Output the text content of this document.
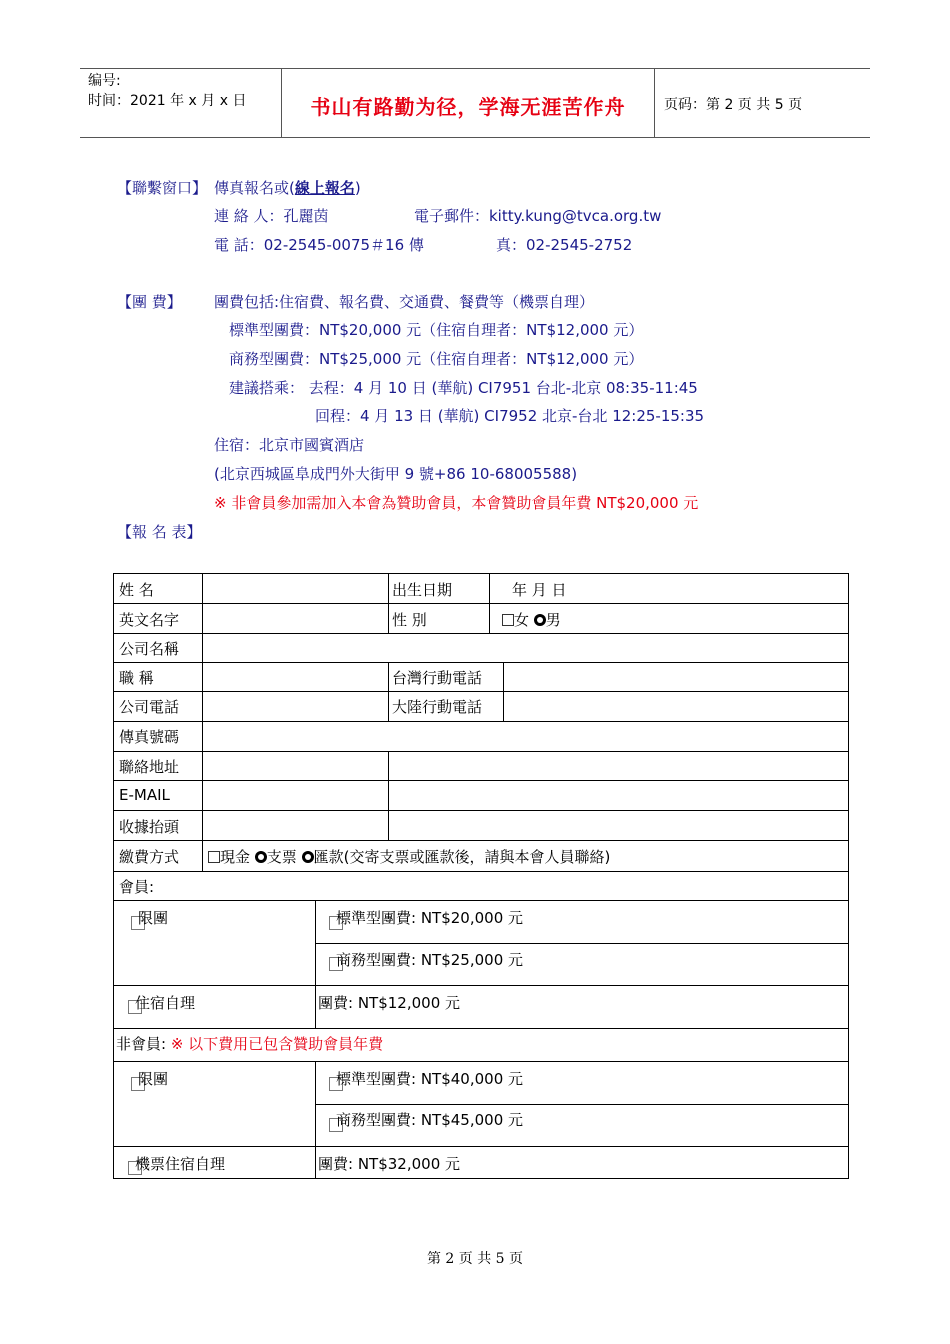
编号:
时间：2021 年 x 月 x 日	书山有路勤为径，学海无涯苦作舟	页码：第 2 页 共 5 页
【聯繫窗口】 傳真報名或(線上報名)
連 絡 人：孔麗茵	電子郵件：kitty.kung@tvca.org.tw
電 話：02-2545-0075＃16 傳	真：02-2545-2752
【團 費】 團費包括:住宿費、報名費、交通費、餐費等（機票自理）
標準型團費：NT$20,000 元（住宿自理者：NT$12,000 元）
商務型團費：NT$25,000 元（住宿自理者：NT$12,000 元）
建議搭乘： 去程：4 月 10 日 (華航) CI7951 台北-北京 08:35-11:45
回程：4 月 13 日 (華航) CI7952 北京-台北 12:25-15:35
住宿：北京市國賓酒店
(北京西城區阜成門外大街甲 9 號+86 10-68005588)
※ 非會員參加需加入本會為贊助會員，本會贊助會員年費 NT$20,000 元
【報 名 表】
姓 名	出生日期	年 月 日
英文名字	性 別	女 男
公司名稱
職 稱	台灣行動電話
公司電話	大陸行動電話
傳真號碼
聯絡地址
E-MAIL
收據抬頭
繳費方式	現金 支票 匯款(交寄支票或匯款後，請與本會人員聯絡)
會員:
限團	標準型團費: NT$20,000 元
商務型團費: NT$25,000 元
住宿自理	團費: NT$12,000 元
非會員: ※ 以下費用已包含贊助會員年費
限團	標準型團費: NT$40,000 元
商務型團費: NT$45,000 元
機票住宿自理	團費: NT$32,000 元
第 2 页 共 5 页
